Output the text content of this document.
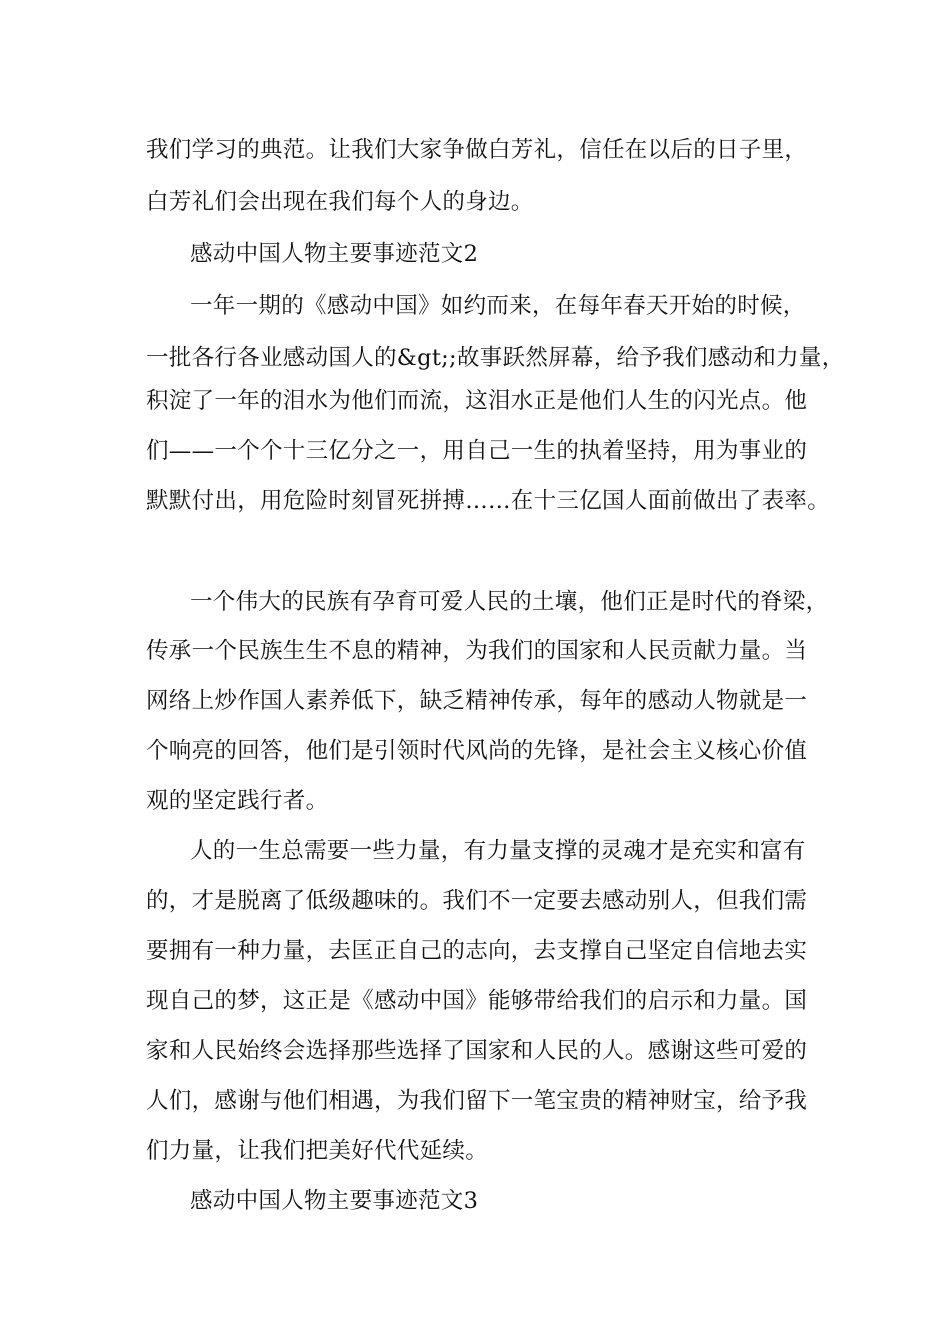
我们学习的典范。让我们大家争做白芳礼，信任在以后的日子里，

白芳礼们会出现在我们每个人的身边。

感动中国人物主要事迹范文2

一年一期的《感动中国》如约而来，在每年春天开始的时候，

一批各行各业感动国人的&gt;;故事跃然屏幕，给予我们感动和力量，

积淀了一年的泪水为他们而流，这泪水正是他们人生的闪光点。他

们——一个个十三亿分之一，用自己一生的执着坚持，用为事业的

默默付出，用危险时刻冒死拼搏……在十三亿国人面前做出了表率。

一个伟大的民族有孕育可爱人民的土壤，他们正是时代的脊梁，

传承一个民族生生不息的精神，为我们的国家和人民贡献力量。当

网络上炒作国人素养低下，缺乏精神传承，每年的感动人物就是一

个响亮的回答，他们是引领时代风尚的先锋，是社会主义核心价值

观的坚定践行者。

人的一生总需要一些力量，有力量支撑的灵魂才是充实和富有

的，才是脱离了低级趣味的。我们不一定要去感动别人，但我们需

要拥有一种力量，去匡正自己的志向，去支撑自己坚定自信地去实

现自己的梦，这正是《感动中国》能够带给我们的启示和力量。国

家和人民始终会选择那些选择了国家和人民的人。感谢这些可爱的

人们，感谢与他们相遇，为我们留下一笔宝贵的精神财宝，给予我

们力量，让我们把美好代代延续。

感动中国人物主要事迹范文3
